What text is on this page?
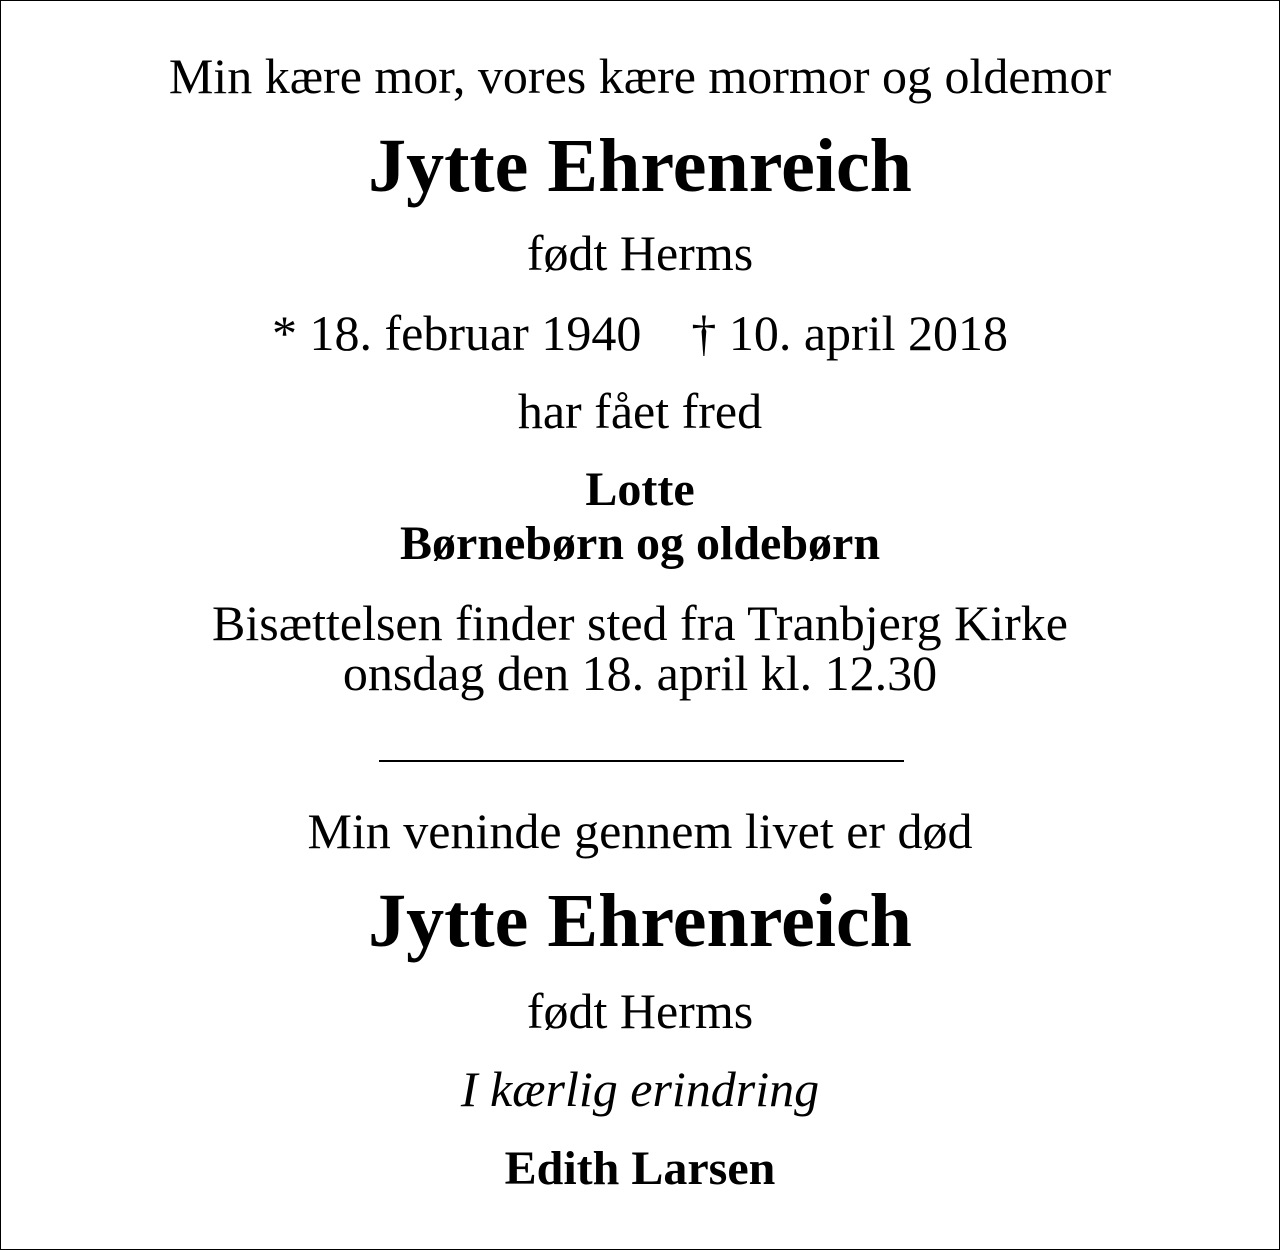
Min kære mor, vores kære mormor og oldemor
Jytte Ehrenreich
født Herms
* 18. februar 1940 † 10. april 2018
har fået fred
Lotte
Børnebørn og oldebørn
Bisættelsen finder sted fra Tranbjerg Kirke
onsdag den 18. april kl. 12.30
Min veninde gennem livet er død
Jytte Ehrenreich
født Herms
I kærlig erindring
Edith Larsen
